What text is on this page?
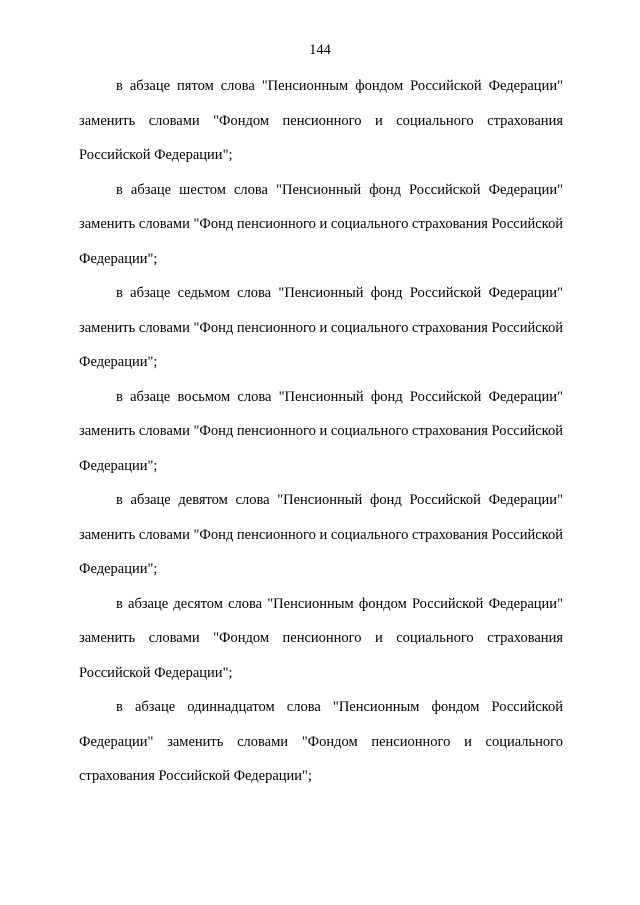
144

в абзаце пятом слова "Пенсионным фондом Российской Федерации" заменить словами "Фондом пенсионного и социального страхования Российской Федерации";

в абзаце шестом слова "Пенсионный фонд Российской Федерации" заменить словами "Фонд пенсионного и социального страхования Российской Федерации";

в абзаце седьмом слова "Пенсионный фонд Российской Федерации" заменить словами "Фонд пенсионного и социального страхования Российской Федерации";

в абзаце восьмом слова "Пенсионный фонд Российской Федерации" заменить словами "Фонд пенсионного и социального страхования Российской Федерации";

в абзаце девятом слова "Пенсионный фонд Российской Федерации" заменить словами "Фонд пенсионного и социального страхования Российской Федерации";

в абзаце десятом слова "Пенсионным фондом Российской Федерации" заменить словами "Фондом пенсионного и социального страхования Российской Федерации";

в абзаце одиннадцатом слова "Пенсионным фондом Российской Федерации" заменить словами "Фондом пенсионного и социального страхования Российской Федерации";
